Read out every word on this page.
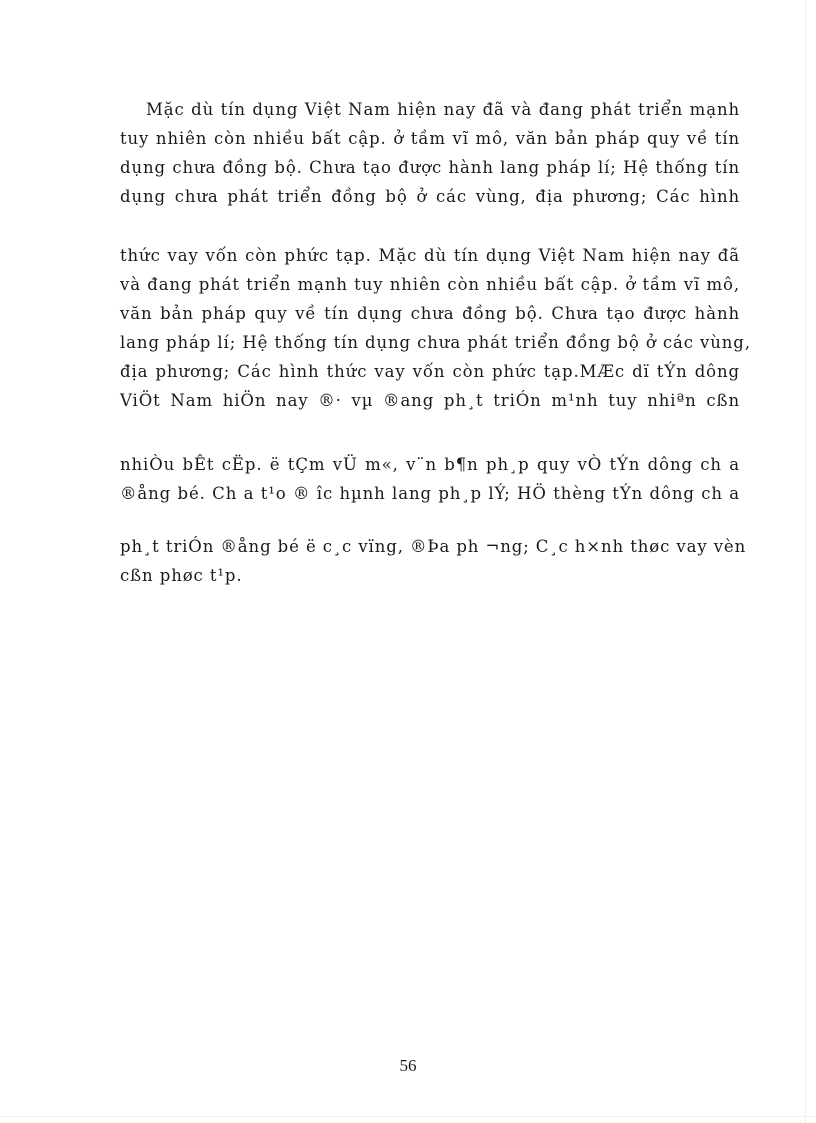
Mặc dù tín dụng Việt Nam hiện nay đã và đang phát triển mạnh
tuy nhiên còn nhiều bất cập. ở tầm vĩ mô, văn bản pháp quy về tín
dụng chưa đồng bộ. Chưa tạo được hành lang pháp lí; Hệ thống tín
dụng chưa phát triển đồng bộ ở các vùng, địa phương; Các hình
thức vay vốn còn phức tạp. Mặc dù tín dụng Việt Nam hiện nay đã
và đang phát triển mạnh tuy nhiên còn nhiều bất cập. ở tầm vĩ mô,
văn bản pháp quy về tín dụng chưa đồng bộ. Chưa tạo được hành
lang pháp lí; Hệ thống tín dụng chưa phát triển đồng bộ ở các vùng,
địa phương; Các hình thức vay vốn còn phức tạp.MÆc dï tÝn dông
ViÖt Nam hiÖn nay ®· vµ ®ang ph¸t triÓn m¹nh tuy nhiªn cßn
nhiÒu bÊt cËp. ë tÇm vÜ m«, v¨n b¶n ph¸p quy vÒ tÝn dông ch a
®ång bé. Ch a t¹o ® îc hµnh lang ph¸p lÝ; HÖ thèng tÝn dông ch a
ph¸t triÓn ®ång bé ë c¸c vïng, ®Þa ph ¬ng; C¸c h×nh thøc vay vèn
cßn phøc t¹p.
56
